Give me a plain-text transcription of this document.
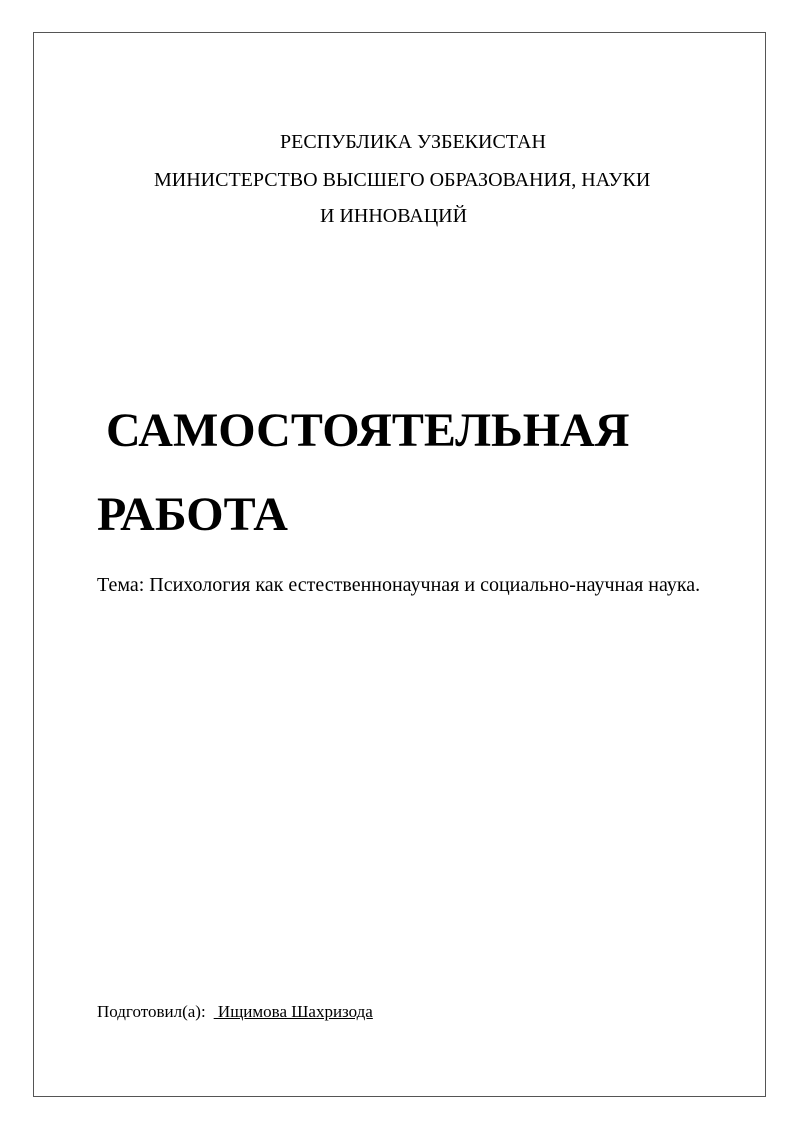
РЕСПУБЛИКА УЗБЕКИСТАН
МИНИСТЕРСТВО ВЫСШЕГО ОБРАЗОВАНИЯ, НАУКИ
И ИННОВАЦИЙ
САМОСТОЯТЕЛЬНАЯ
РАБОТА
Тема: Психология как естественнонаучная и социально-научная наука.
Подготовил(а): Ищимова Шахризода
